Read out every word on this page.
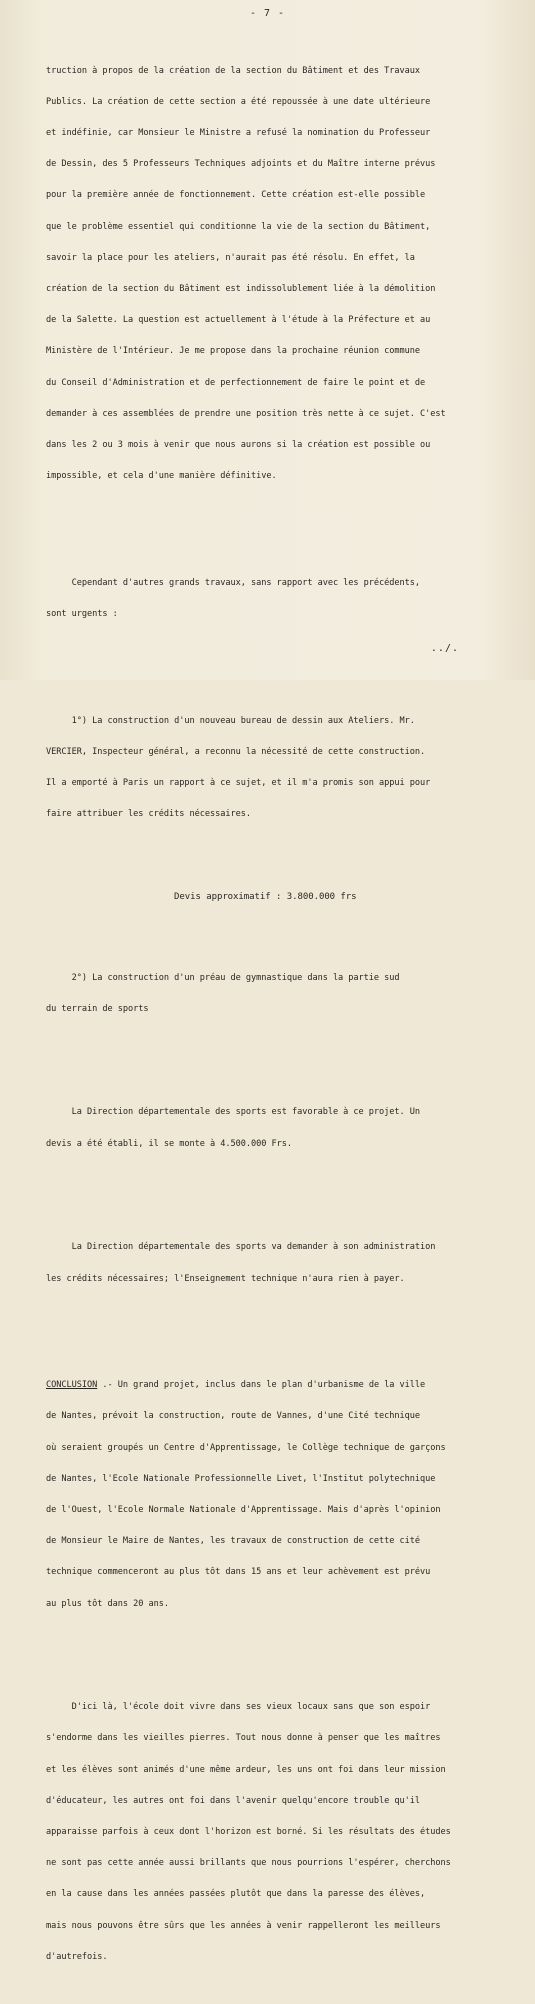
- 7 -

truction à propos de la création de la section du Bâtiment et des Travaux

Publics. La création de cette section a été repoussée à une date ultérieure

et indéfinie, car Monsieur le Ministre a refusé la nomination du Professeur

de Dessin, des 5 Professeurs Techniques adjoints et du Maître interne prévus

pour la première année de fonctionnement. Cette création est-elle possible

que le problème essentiel qui conditionne la vie de la section du Bâtiment,

savoir la place pour les ateliers, n'aurait pas été résolu. En effet, la

création de la section du Bâtiment est indissolublement liée à la démolition

de la Salette. La question est actuellement à l'étude à la Préfecture et au

Ministère de l'Intérieur. Je me propose dans la prochaine réunion commune

du Conseil d'Administration et de perfectionnement de faire le point et de

demander à ces assemblées de prendre une position très nette à ce sujet. C'est

dans les 2 ou 3 mois à venir que nous aurons si la création est possible ou

impossible, et cela d'une manière définitive.

Cependant d'autres grands travaux, sans rapport avec les précédents,

sont urgents :

1°) La construction d'un nouveau bureau de dessin aux Ateliers. Mr.

VERCIER, Inspecteur général, a reconnu la nécessité de cette construction.

Il a emporté à Paris un rapport à ce sujet, et il m'a promis son appui pour

faire attribuer les crédits nécessaires.

Devis approximatif : 3.800.000 frs

2°) La construction d'un préau de gymnastique dans la partie sud

du terrain de sports

La Direction départementale des sports est favorable à ce projet. Un

devis a été établi, il se monte à 4.500.000 Frs.

La Direction départementale des sports va demander à son administration

les crédits nécessaires; l'Enseignement technique n'aura rien à payer.

CONCLUSION .- Un grand projet, inclus dans le plan d'urbanisme de la ville

de Nantes, prévoit la construction, route de Vannes, d'une Cité technique

où seraient groupés un Centre d'Apprentissage, le Collège technique de garçons

de Nantes, l'Ecole Nationale Professionnelle Livet, l'Institut polytechnique

de l'Ouest, l'Ecole Normale Nationale d'Apprentissage. Mais d'après l'opinion

de Monsieur le Maire de Nantes, les travaux de construction de cette cité

technique commenceront au plus tôt dans 15 ans et leur achèvement est prévu

au plus tôt dans 20 ans.

D'ici là, l'école doit vivre dans ses vieux locaux sans que son espoir

s'endorme dans les vieilles pierres. Tout nous donne à penser que les maîtres

et les élèves sont animés d'une même ardeur, les uns ont foi dans leur mission

d'éducateur, les autres ont foi dans l'avenir quelqu'encore trouble qu'il

apparaisse parfois à ceux dont l'horizon est borné. Si les résultats des études

ne sont pas cette année aussi brillants que nous pourrions l'espérer, cherchons

en la cause dans les années passées plutôt que dans la paresse des élèves,

mais nous pouvons être sûrs que les années à venir rappelleront les meilleurs

d'autrefois.

../.
